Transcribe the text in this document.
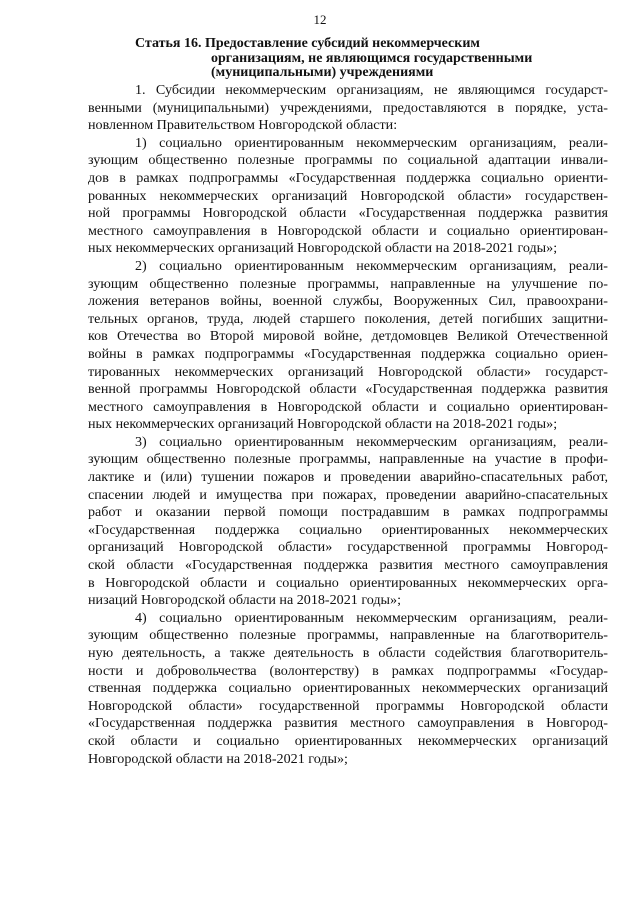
12
Статья 16. Предоставление субсидий некоммерческим
организациям, не являющимся государственными
(муниципальными) учреждениями
1. Субсидии некоммерческим организациям, не являющимся государст-
венными (муниципальными) учреждениями, предоставляются в порядке, уста-
новленном Правительством Новгородской области:
1) социально ориентированным некоммерческим организациям, реали-
зующим общественно полезные программы по социальной адаптации инвали-
дов в рамках подпрограммы «Государственная поддержка социально ориенти-
рованных некоммерческих организаций Новгородской области» государствен-
ной программы Новгородской области «Государственная поддержка развития
местного самоуправления в Новгородской области и социально ориентирован-
ных некоммерческих организаций Новгородской области на 2018-2021 годы»;
2) социально ориентированным некоммерческим организациям, реали-
зующим общественно полезные программы, направленные на улучшение по-
ложения ветеранов войны, военной службы, Вооруженных Сил, правоохрани-
тельных органов, труда, людей старшего поколения, детей погибших защитни-
ков Отечества во Второй мировой войне, детдомовцев Великой Отечественной
войны в рамках подпрограммы «Государственная поддержка социально ориен-
тированных некоммерческих организаций Новгородской области» государст-
венной программы Новгородской области «Государственная поддержка развития
местного самоуправления в Новгородской области и социально ориентирован-
ных некоммерческих организаций Новгородской области на 2018-2021 годы»;
3) социально ориентированным некоммерческим организациям, реали-
зующим общественно полезные программы, направленные на участие в профи-
лактике и (или) тушении пожаров и проведении аварийно-спасательных работ,
спасении людей и имущества при пожарах, проведении аварийно-спасательных
работ и оказании первой помощи пострадавшим в рамках подпрограммы
«Государственная поддержка социально ориентированных некоммерческих
организаций Новгородской области» государственной программы Новгород-
ской области «Государственная поддержка развития местного самоуправления
в Новгородской области и социально ориентированных некоммерческих орга-
низаций Новгородской области на 2018-2021 годы»;
4) социально ориентированным некоммерческим организациям, реали-
зующим общественно полезные программы, направленные на благотворитель-
ную деятельность, а также деятельность в области содействия благотворитель-
ности и добровольчества (волонтерству) в рамках подпрограммы «Государ-
ственная поддержка социально ориентированных некоммерческих организаций
Новгородской области» государственной программы Новгородской области
«Государственная поддержка развития местного самоуправления в Новгород-
ской области и социально ориентированных некоммерческих организаций
Новгородской области на 2018-2021 годы»;
